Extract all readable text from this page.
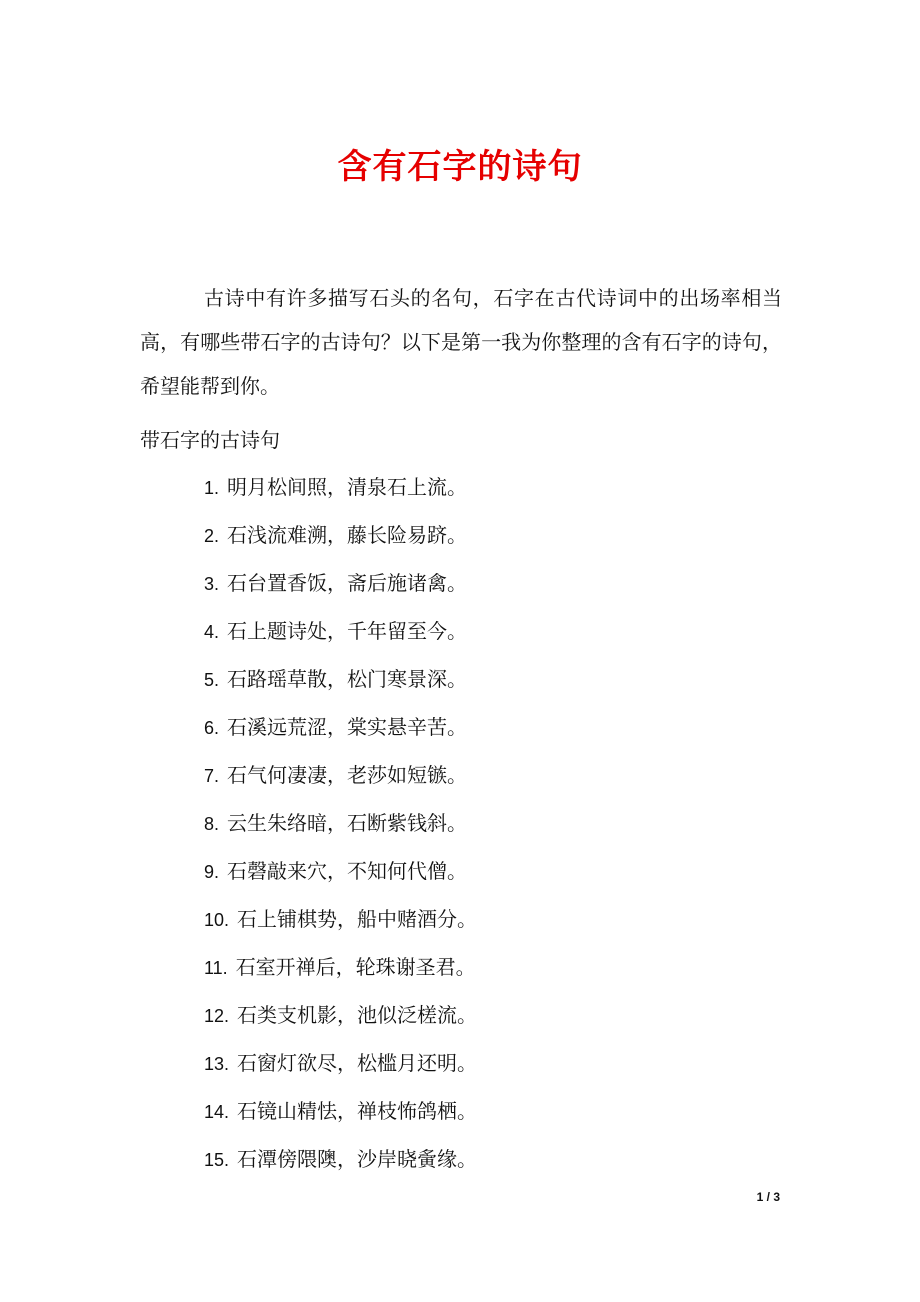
含有石字的诗句

古诗中有许多描写石头的名句，石字在古代诗词中的出场率相当高，有哪些带石字的古诗句？以下是第一我为你整理的含有石字的诗句，希望能帮到你。

带石字的古诗句

1. 明月松间照，清泉石上流。
2. 石浅流难溯，藤长险易跻。
3. 石台置香饭，斋后施诸禽。
4. 石上题诗处，千年留至今。
5. 石路瑶草散，松门寒景深。
6. 石溪远荒涩，棠实悬辛苦。
7. 石气何凄凄，老莎如短镞。
8. 云生朱络暗，石断紫钱斜。
9. 石磬敲来穴，不知何代僧。
10. 石上铺棋势，船中赌酒分。
11. 石室开禅后，轮珠谢圣君。
12. 石类支机影，池似泛槎流。
13. 石窗灯欲尽，松槛月还明。
14. 石镜山精怯，禅枝怖鸽栖。
15. 石潭傍隈隩，沙岸晓夤缘。
1 / 3
